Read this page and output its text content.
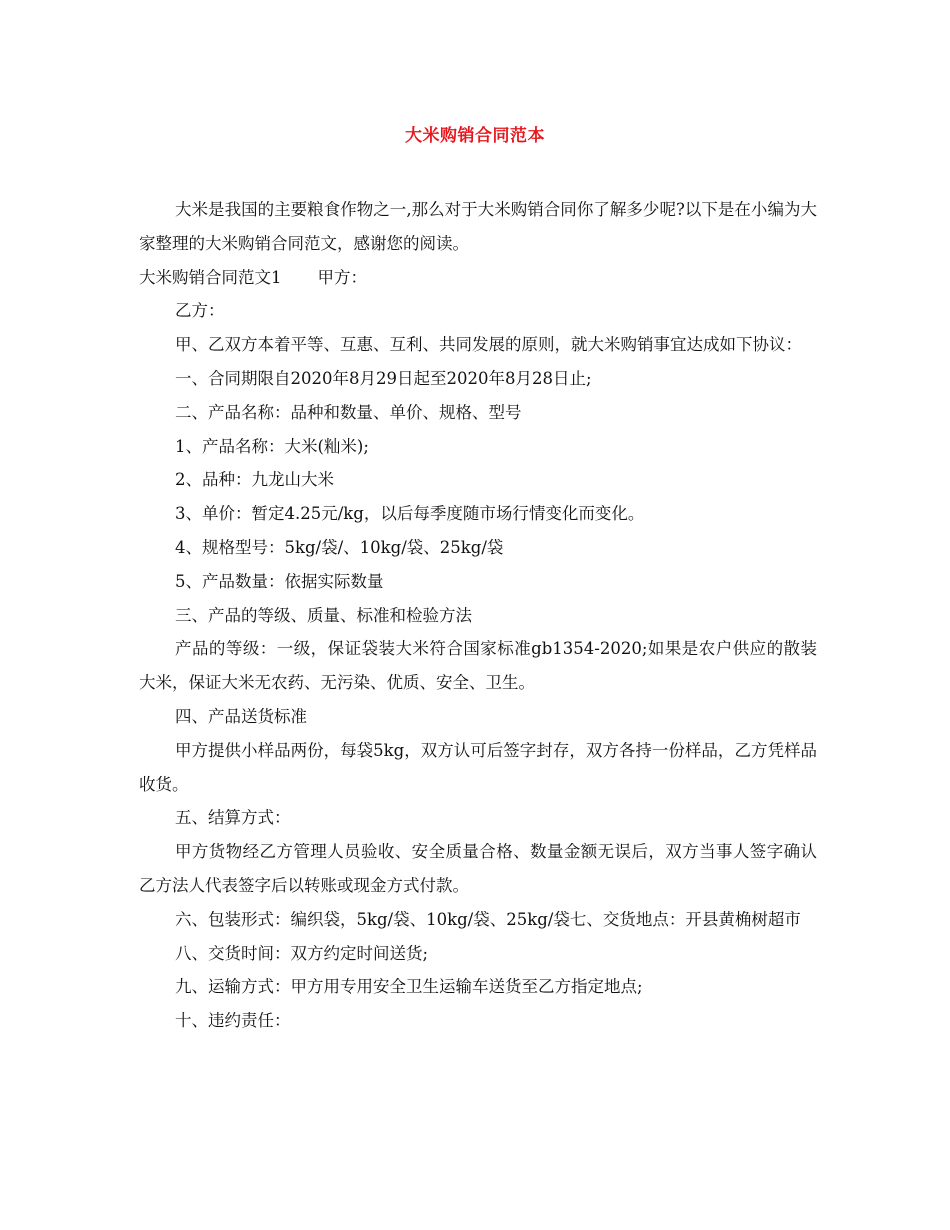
大米购销合同范本

大米是我国的主要粮食作物之一,那么对于大米购销合同你了解多少呢?以下是在小编为大家整理的大米购销合同范文，感谢您的阅读。

大米购销合同范文1 甲方：

乙方：

甲、乙双方本着平等、互惠、互利、共同发展的原则，就大米购销事宜达成如下协议：

一、合同期限自2020年8月29日起至2020年8月28日止;

二、产品名称：品种和数量、单价、规格、型号

1、产品名称：大米(籼米);

2、品种：九龙山大米

3、单价：暂定4.25元/kg，以后每季度随市场行情变化而变化。

4、规格型号：5kg/袋/、10kg/袋、25kg/袋

5、产品数量：依据实际数量

三、产品的等级、质量、标准和检验方法

产品的等级：一级，保证袋装大米符合国家标准gb1354-2020;如果是农户供应的散装大米，保证大米无农药、无污染、优质、安全、卫生。

四、产品送货标准

甲方提供小样品两份，每袋5kg，双方认可后签字封存，双方各持一份样品，乙方凭样品收货。

五、结算方式：

甲方货物经乙方管理人员验收、安全质量合格、数量金额无误后，双方当事人签字确认乙方法人代表签字后以转账或现金方式付款。

六、包装形式：编织袋，5kg/袋、10kg/袋、25kg/袋七、交货地点：开县黄桷树超市

八、交货时间：双方约定时间送货;

九、运输方式：甲方用专用安全卫生运输车送货至乙方指定地点;

十、违约责任：
